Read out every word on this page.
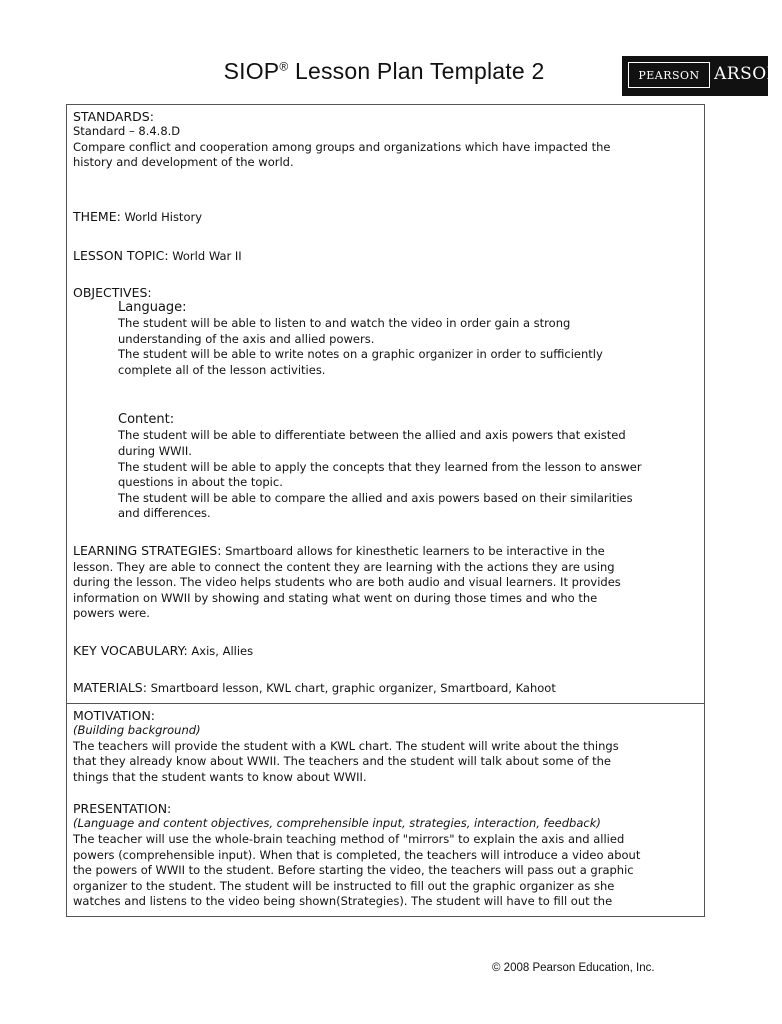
SIOP® Lesson Plan Template 2	PEARSON ARSON
STANDARDS:
Standard – 8.4.8.D
Compare conflict and cooperation among groups and organizations which have impacted the
history and development of the world.
THEME: World History
LESSON TOPIC: World War II
OBJECTIVES:
Language:
The student will be able to listen to and watch the video in order gain a strong
understanding of the axis and allied powers.
The student will be able to write notes on a graphic organizer in order to sufficiently
complete all of the lesson activities.
Content:
The student will be able to differentiate between the allied and axis powers that existed
during WWII.
The student will be able to apply the concepts that they learned from the lesson to answer
questions in about the topic.
The student will be able to compare the allied and axis powers based on their similarities
and differences.
LEARNING STRATEGIES: Smartboard allows for kinesthetic learners to be interactive in the
lesson. They are able to connect the content they are learning with the actions they are using
during the lesson. The video helps students who are both audio and visual learners. It provides
information on WWII by showing and stating what went on during those times and who the
powers were.
KEY VOCABULARY: Axis, Allies
MATERIALS: Smartboard lesson, KWL chart, graphic organizer, Smartboard, Kahoot
MOTIVATION:
(Building background)
The teachers will provide the student with a KWL chart. The student will write about the things
that they already know about WWII. The teachers and the student will talk about some of the
things that the student wants to know about WWII.
PRESENTATION:
(Language and content objectives, comprehensible input, strategies, interaction, feedback)
The teacher will use the whole-brain teaching method of "mirrors" to explain the axis and allied
powers (comprehensible input). When that is completed, the teachers will introduce a video about
the powers of WWII to the student. Before starting the video, the teachers will pass out a graphic
organizer to the student. The student will be instructed to fill out the graphic organizer as she
watches and listens to the video being shown(Strategies). The student will have to fill out the
© 2008 Pearson Education, Inc.
